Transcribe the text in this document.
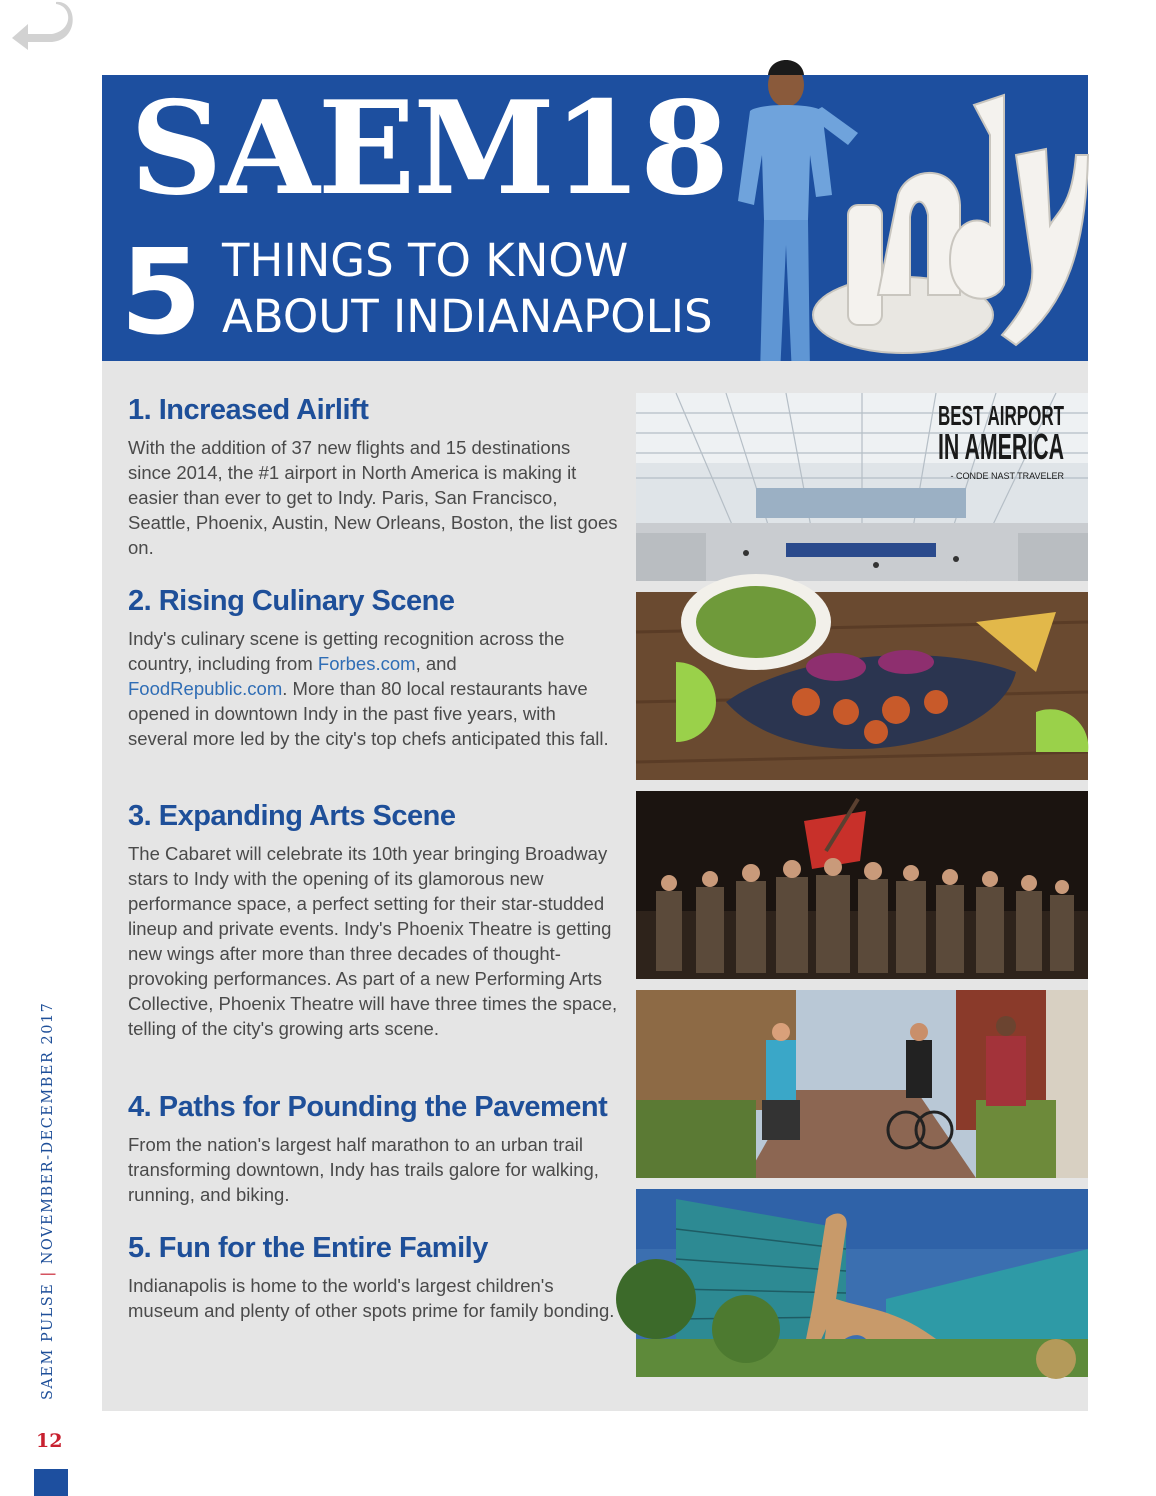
SAEM18
5 THINGS TO KNOW
ABOUT INDIANAPOLIS
Indy
1. Increased Airlift

With the addition of 37 new flights and 15 destinations since 2014, the #1 airport in North America is making it easier than ever to get to Indy. Paris, San Francisco, Seattle, Phoenix, Austin, New Orleans, Boston, the list goes on.

2. Rising Culinary Scene

Indy's culinary scene is getting recognition across the country, including from Forbes.com, and FoodRepublic.com. More than 80 local restaurants have opened in downtown Indy in the past five years, with several more led by the city's top chefs anticipated this fall.

3. Expanding Arts Scene

The Cabaret will celebrate its 10th year bringing Broadway stars to Indy with the opening of its glamorous new performance space, a perfect setting for their star-studded lineup and private events. Indy's Phoenix Theatre is getting new wings after more than three decades of thought-provoking performances. As part of a new Performing Arts Collective, Phoenix Theatre will have three times the space, telling of the city's growing arts scene.

4. Paths for Pounding the Pavement

From the nation's largest half marathon to an urban trail transforming downtown, Indy has trails galore for walking, running, and biking.

5. Fun for the Entire Family

Indianapolis is home to the world's largest children's museum and plenty of other spots prime for family bonding.

BEST AIRPORT
IN AMERICA
- CONDE NAST TRAVELER
SAEM PULSE|NOVEMBER-DECEMBER 2017
12
